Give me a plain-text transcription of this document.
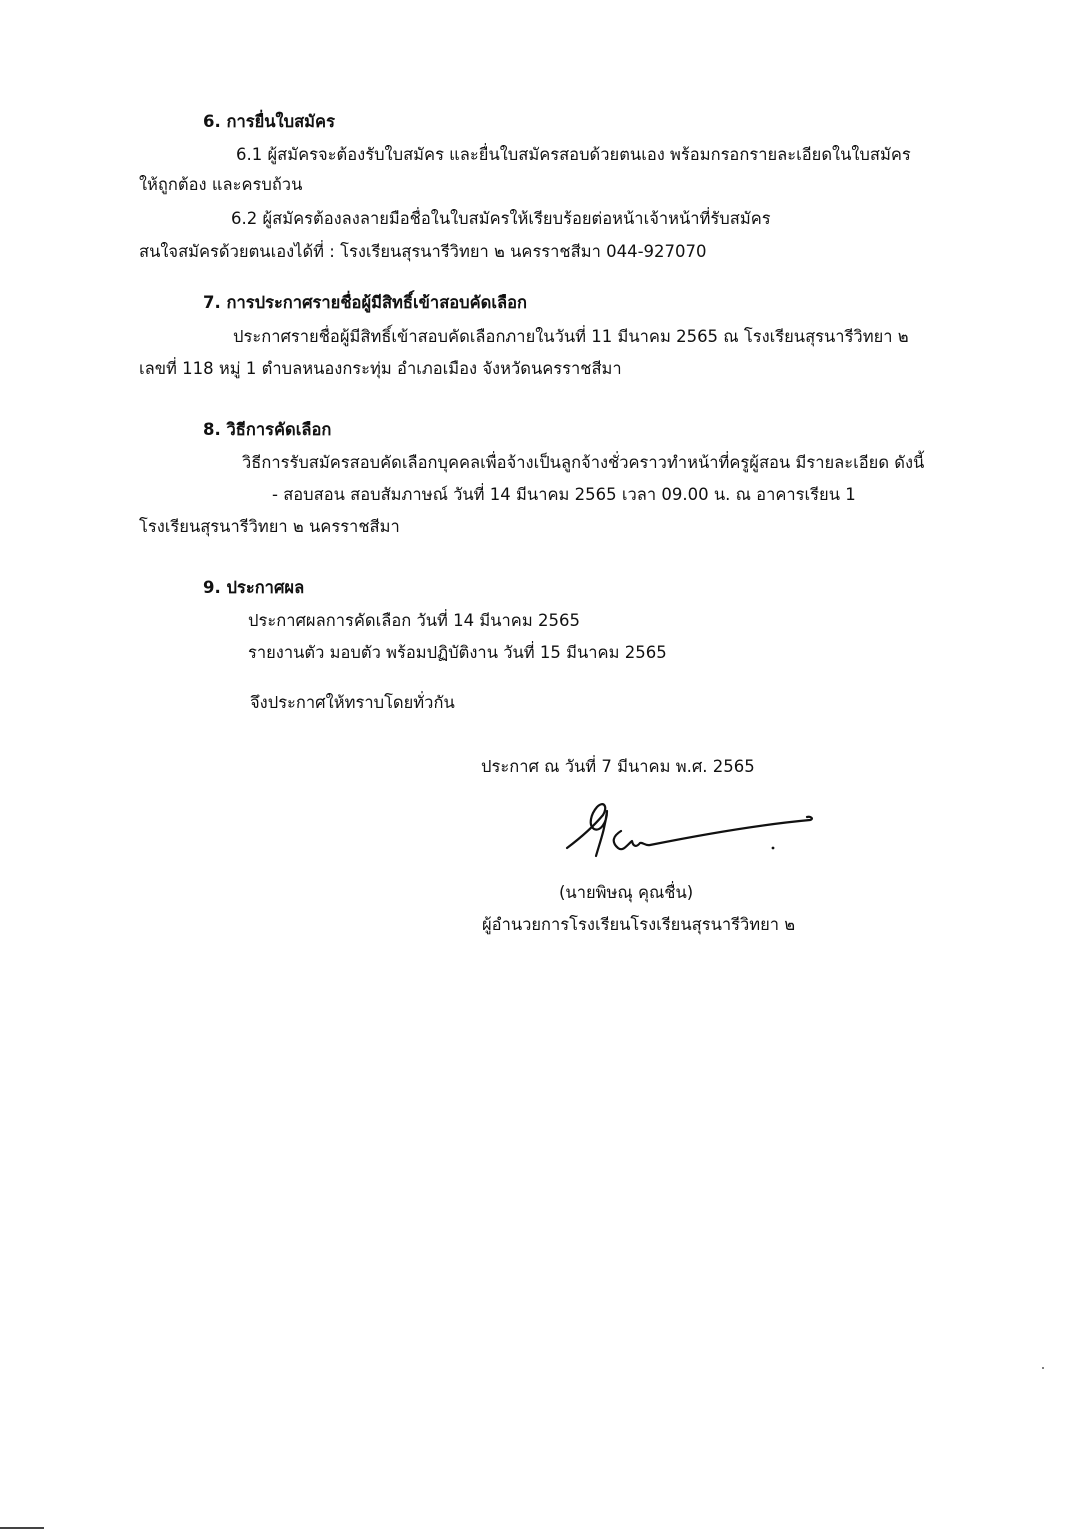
6. การยื่นใบสมัคร
6.1 ผู้สมัครจะต้องรับใบสมัคร และยื่นใบสมัครสอบด้วยตนเอง พร้อมกรอกรายละเอียดในใบสมัคร
ให้ถูกต้อง และครบถ้วน
6.2 ผู้สมัครต้องลงลายมือชื่อในใบสมัครให้เรียบร้อยต่อหน้าเจ้าหน้าที่รับสมัคร
สนใจสมัครด้วยตนเองได้ที่ : โรงเรียนสุรนารีวิทยา ๒ นครราชสีมา 044-927070
7. การประกาศรายชื่อผู้มีสิทธิ์เข้าสอบคัดเลือก
ประกาศรายชื่อผู้มีสิทธิ์เข้าสอบคัดเลือกภายในวันที่ 11 มีนาคม 2565 ณ โรงเรียนสุรนารีวิทยา ๒
เลขที่ 118 หมู่ 1 ตำบลหนองกระทุ่ม อำเภอเมือง จังหวัดนครราชสีมา
8. วิธีการคัดเลือก
วิธีการรับสมัครสอบคัดเลือกบุคคลเพื่อจ้างเป็นลูกจ้างชั่วคราวทำหน้าที่ครูผู้สอน มีรายละเอียด ดังนี้
- สอบสอน สอบสัมภาษณ์ วันที่ 14 มีนาคม 2565 เวลา 09.00 น. ณ อาคารเรียน 1
โรงเรียนสุรนารีวิทยา ๒ นครราชสีมา
9. ประกาศผล
ประกาศผลการคัดเลือก วันที่ 14 มีนาคม 2565
รายงานตัว มอบตัว พร้อมปฏิบัติงาน วันที่ 15 มีนาคม 2565
จึงประกาศให้ทราบโดยทั่วกัน
ประกาศ ณ วันที่ 7 มีนาคม พ.ศ. 2565
(นายพิษณุ คุณชื่น)
ผู้อำนวยการโรงเรียนโรงเรียนสุรนารีวิทยา ๒
